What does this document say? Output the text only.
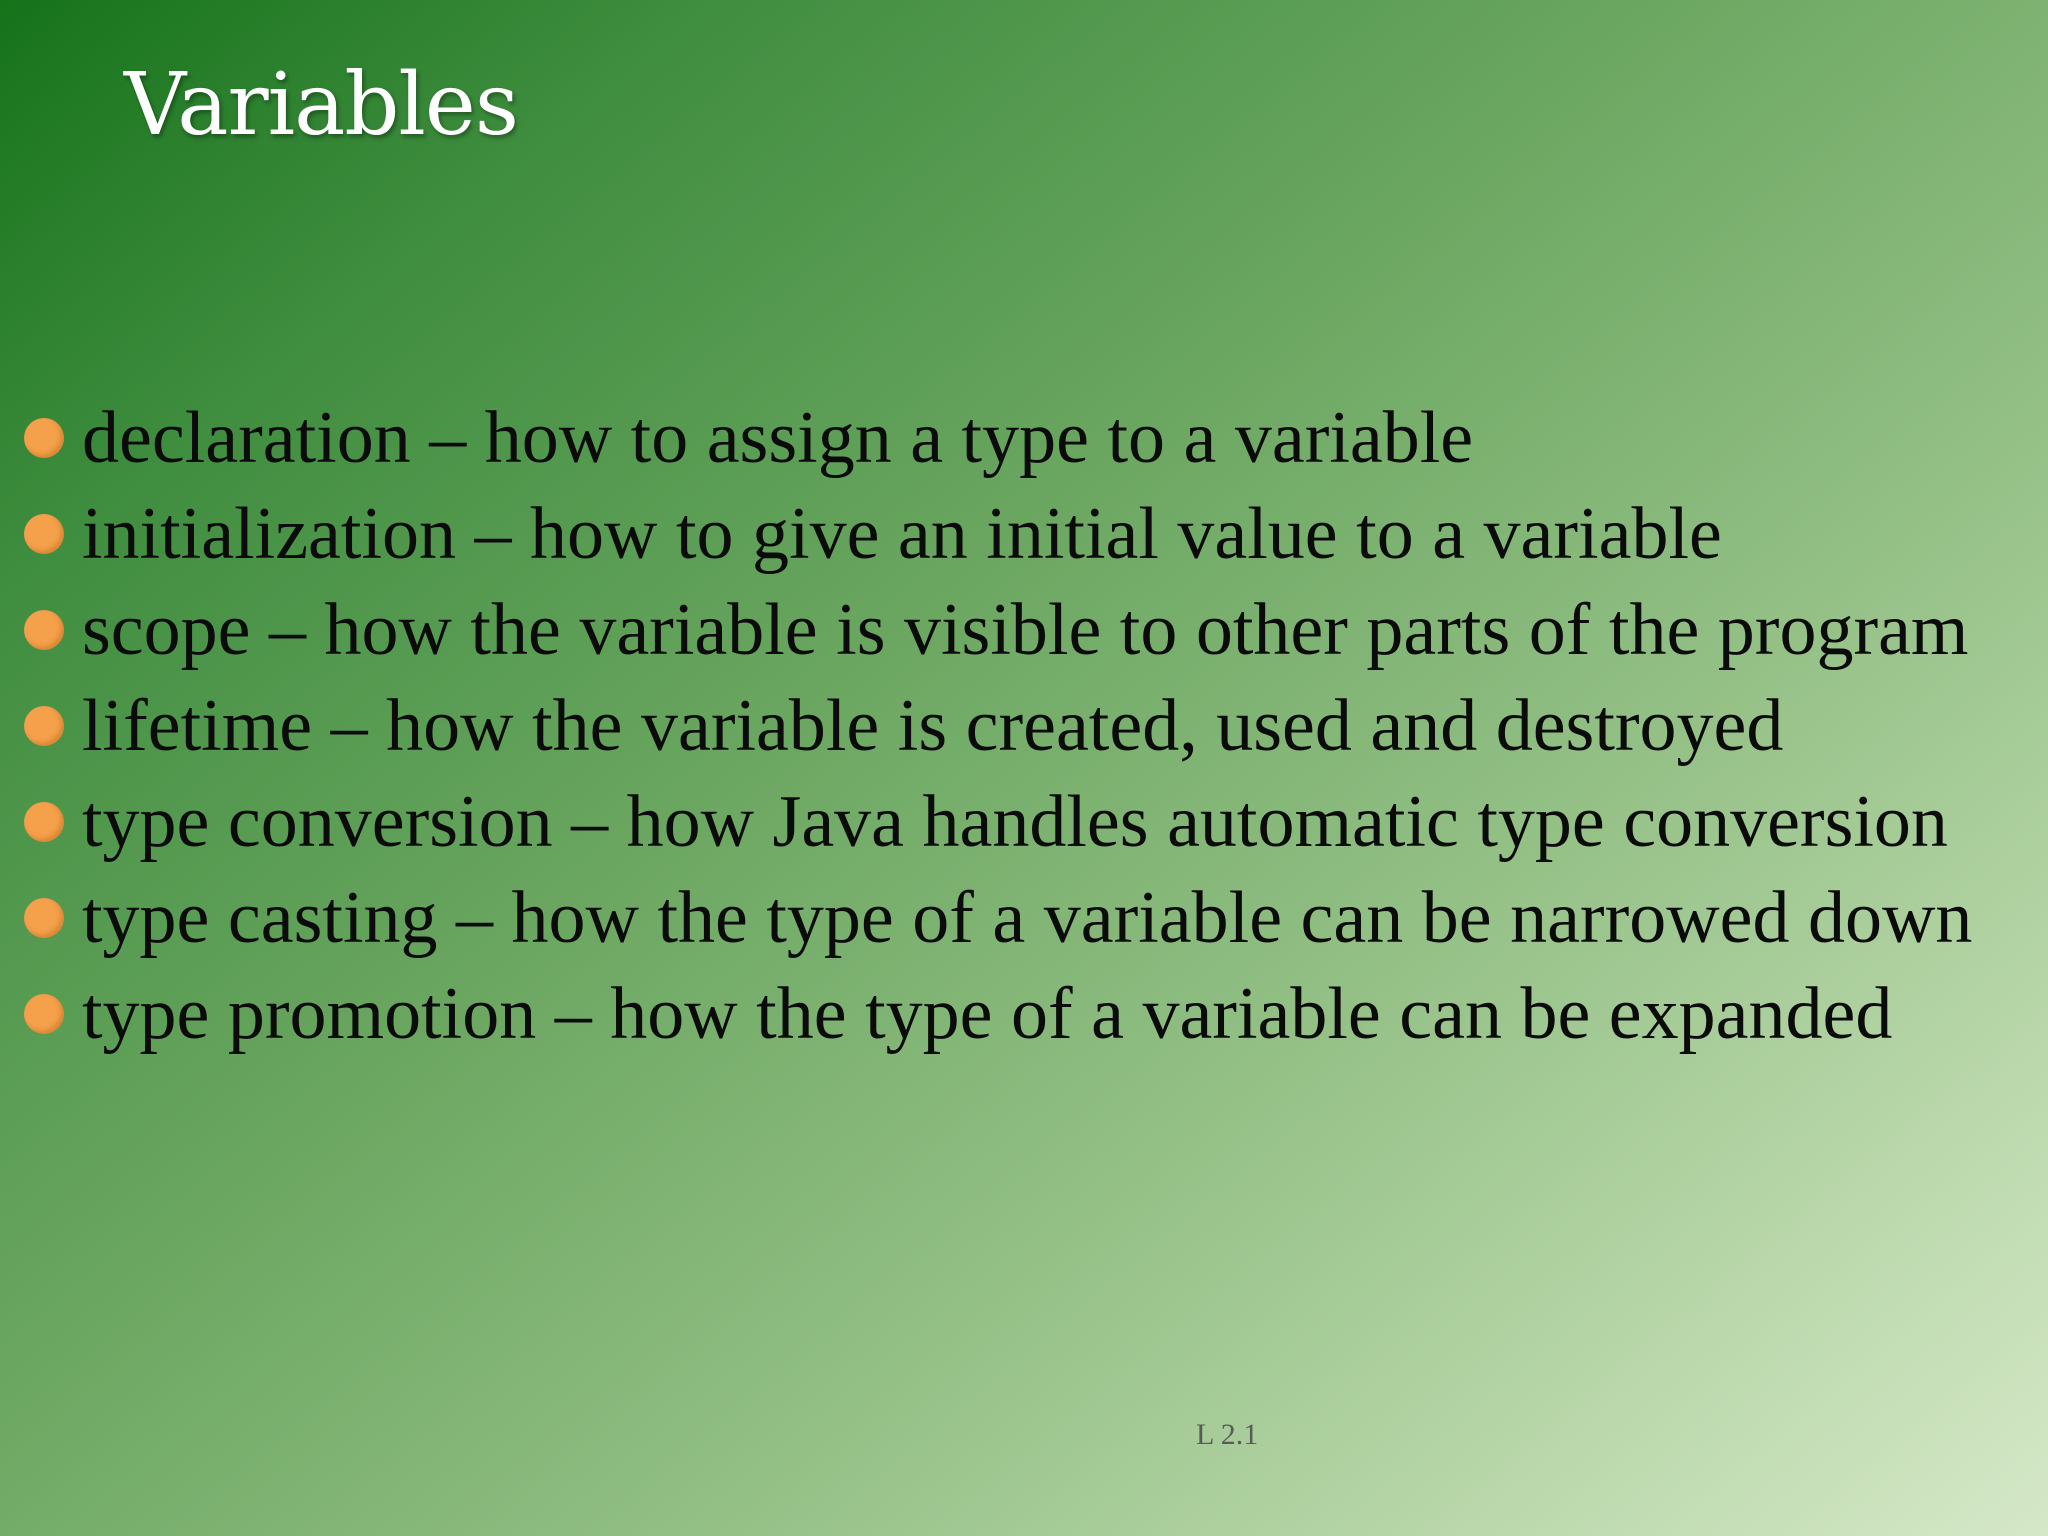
Variables
declaration – how to assign a type to a variable
initialization – how to give an initial value to a variable
scope – how the variable is visible to other parts of the program
lifetime – how the variable is created, used and destroyed
type conversion – how Java handles automatic type conversion
type casting – how the type of a variable can be narrowed down
type promotion – how the type of a variable can be expanded
L 2.1
